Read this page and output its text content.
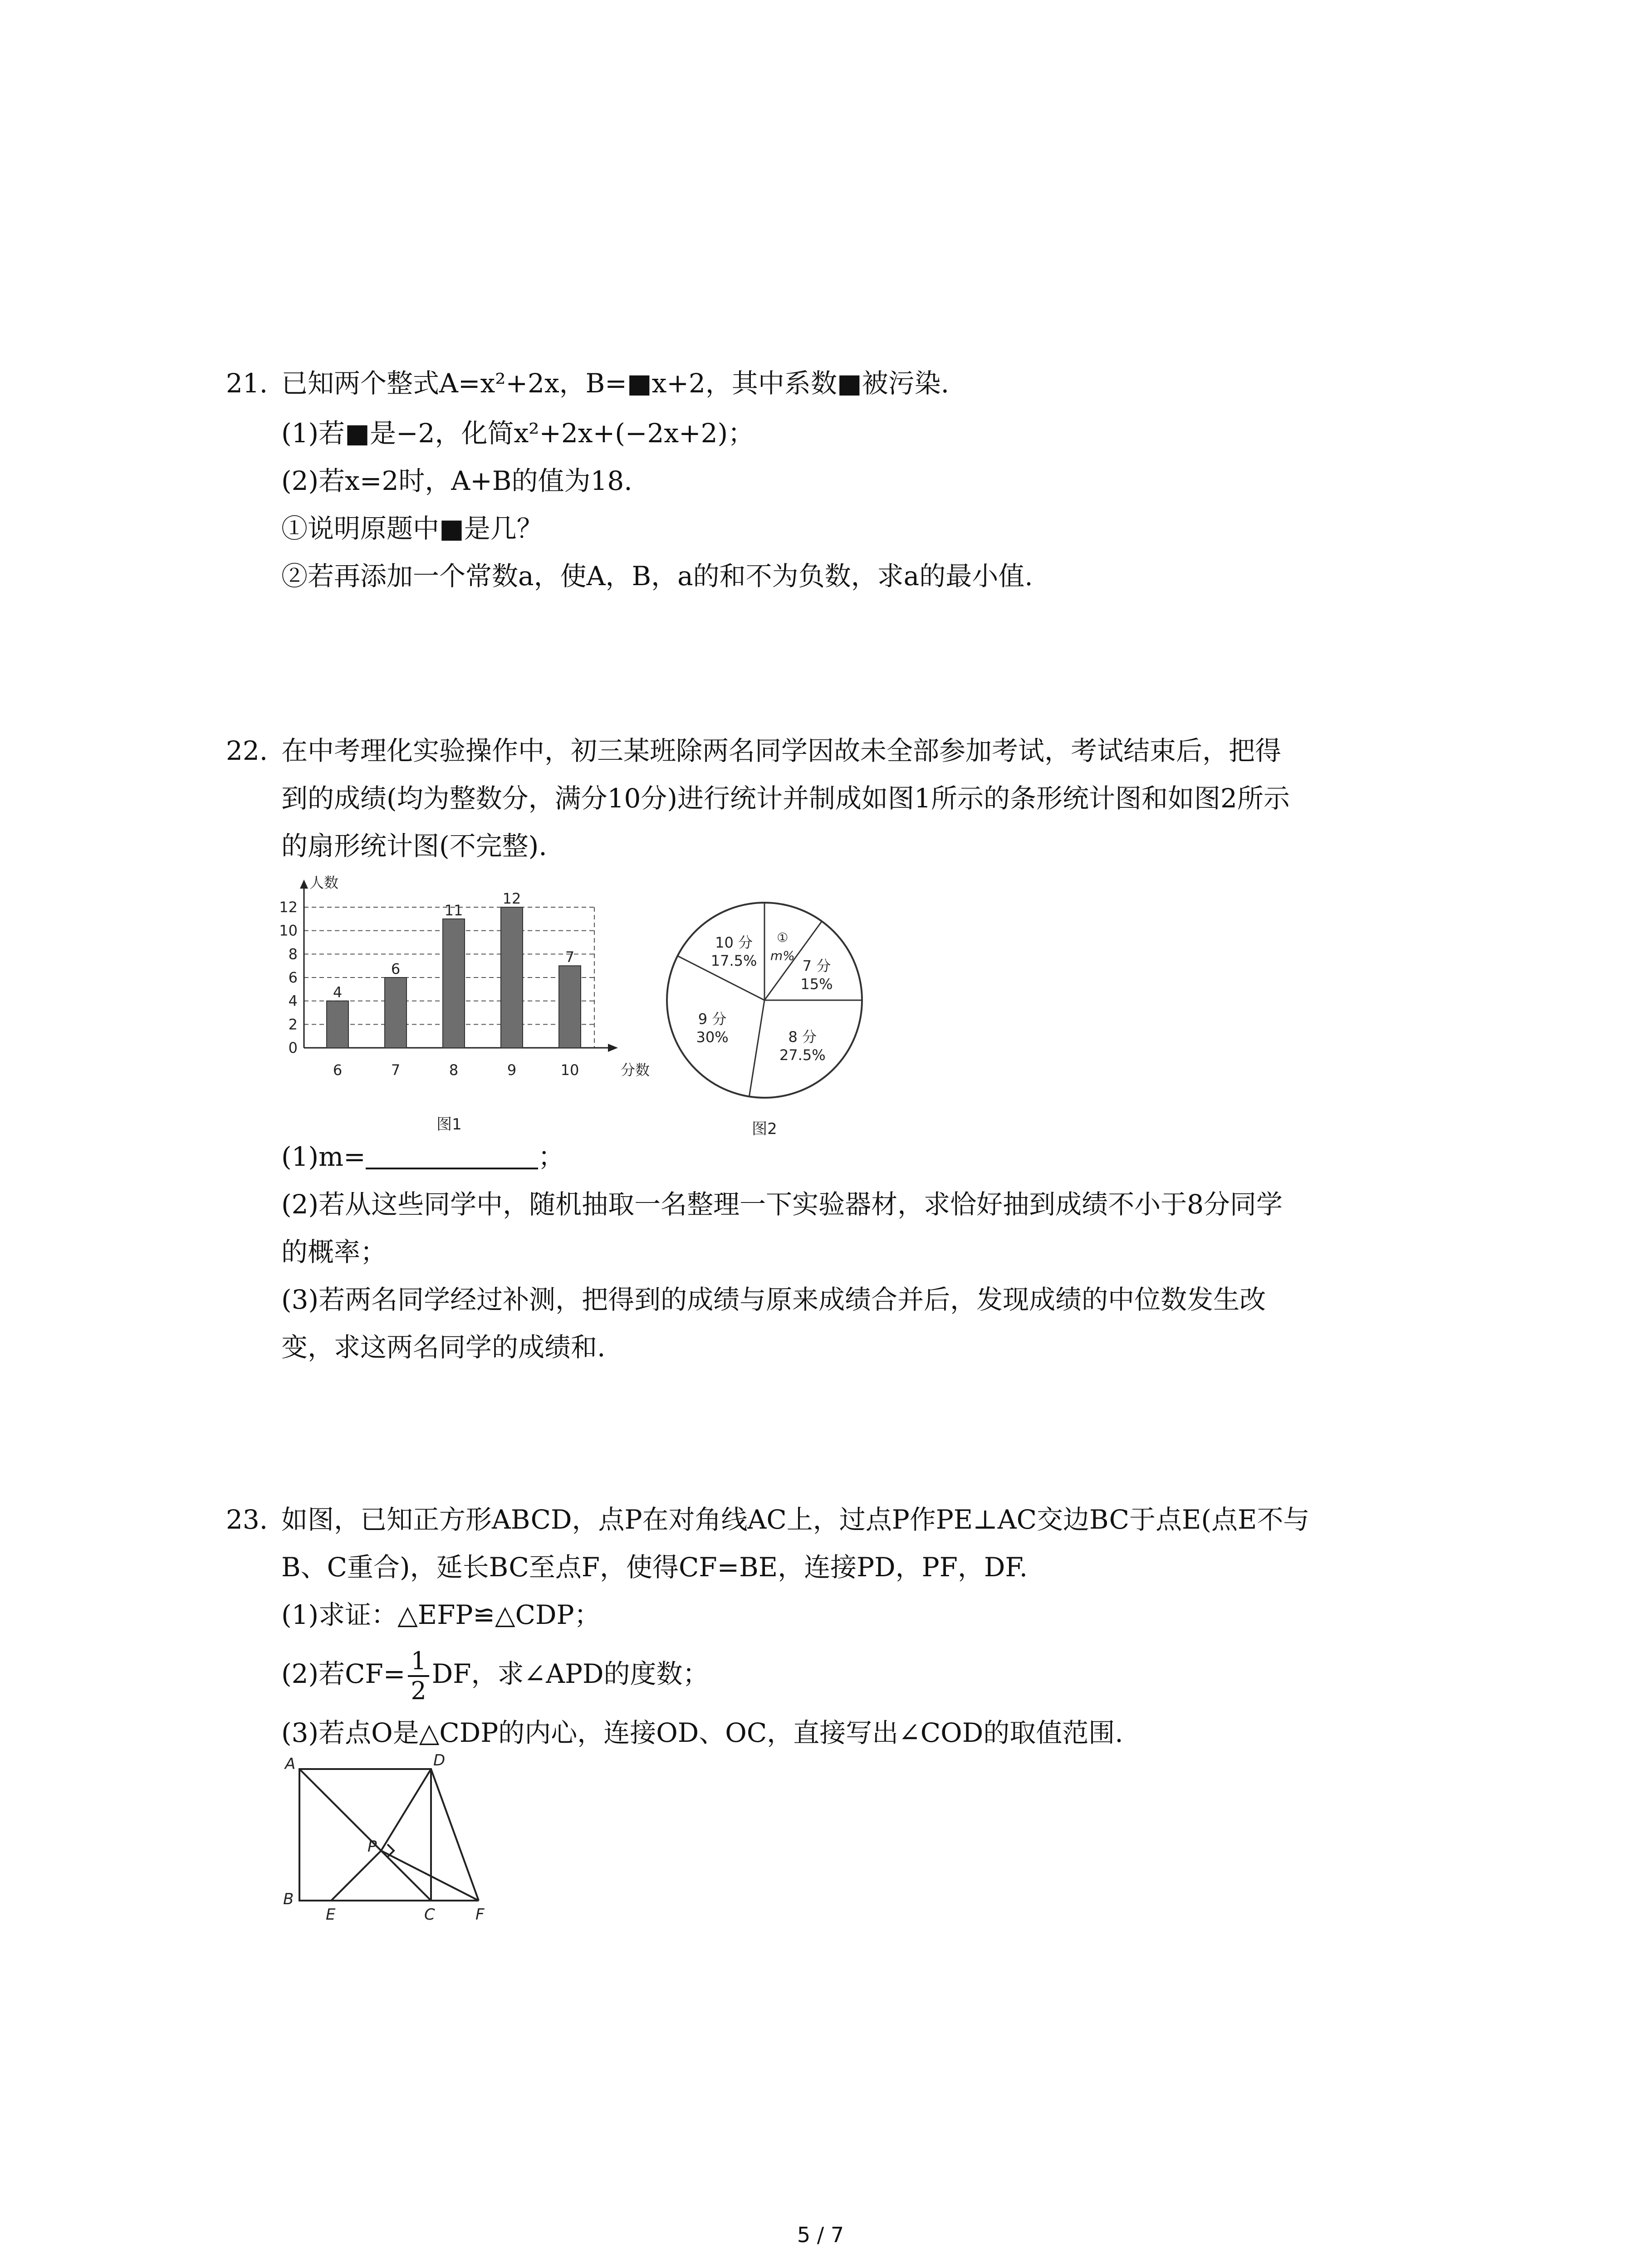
21. 已知两个整式A=x²+2x，B=■x+2，其中系数■被污染.
(1)若■是−2，化简x²+2x+(−2x+2)；
(2)若x=2时，A+B的值为18.
①说明原题中■是几？
②若再添加一个常数a，使A，B，a的和不为负数，求a的最小值.
22. 在中考理化实验操作中，初三某班除两名同学因故未全部参加考试，考试结束后，把得
到的成绩(均为整数分，满分10分)进行统计并制成如图1所示的条形统计图和如图2所示
的扇形统计图(不完整).
0
2
4
6
8
10
12
人数
分数
4
6
6
7
11
8
12
9
7
10
图1
①
m%
7 分
15%
8 分
27.5%
9 分
30%
10 分
17.5%
图2
(1)m=	；
(2)若从这些同学中，随机抽取一名整理一下实验器材，求恰好抽到成绩不小于8分同学
的概率；
(3)若两名同学经过补测，把得到的成绩与原来成绩合并后，发现成绩的中位数发生改
变，求这两名同学的成绩和.
23. 如图，已知正方形ABCD，点P在对角线AC上，过点P作PE⊥AC交边BC于点E(点E不与
B、C重合)，延长BC至点F，使得CF=BE，连接PD，PF，DF.
(1)求证：△EFP≌△CDP；
(2)若$CF= \frac{1}{2}$ DF，求∠APD的度数；
(3)若点O是△CDP的内心，连接OD、OC，直接写出∠COD的取值范围.
A	D
B
C
E	F
P
5 / 7
